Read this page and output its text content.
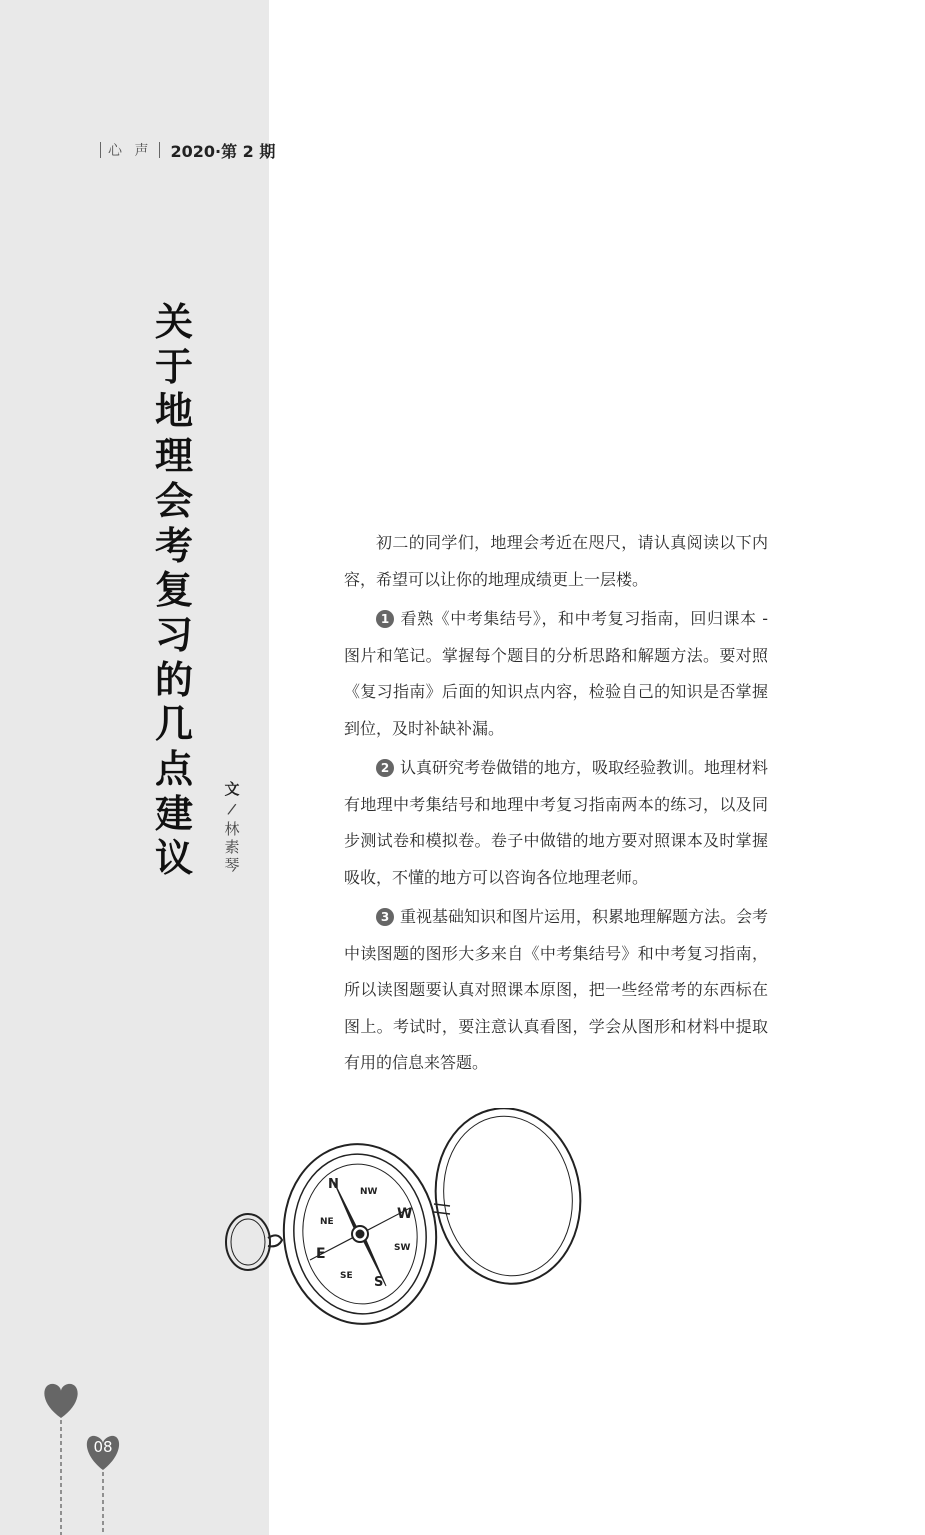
心 声 2020·第 2 期
关于地理会考复习的几点建议
文
/
林素琴

初二的同学们，地理会考近在咫尺，请认真阅读以下内容，希望可以让你的地理成绩更上一层楼。

1 看熟《中考集结号》，和中考复习指南，回归课本 - 图片和笔记。掌握每个题目的分析思路和解题方法。要对照《复习指南》后面的知识点内容，检验自己的知识是否掌握到位，及时补缺补漏。

2 认真研究考卷做错的地方，吸取经验教训。地理材料有地理中考集结号和地理中考复习指南两本的练习，以及同步测试卷和模拟卷。卷子中做错的地方要对照课本及时掌握吸收，不懂的地方可以咨询各位地理老师。

3 重视基础知识和图片运用，积累地理解题方法。会考中读图题的图形大多来自《中考集结号》和中考复习指南，所以读图题要认真对照课本原图，把一些经常考的东西标在图上。考试时，要注意认真看图，学会从图形和材料中提取有用的信息来答题。

N
W
E
S
NW
NE
SE
SW
08
